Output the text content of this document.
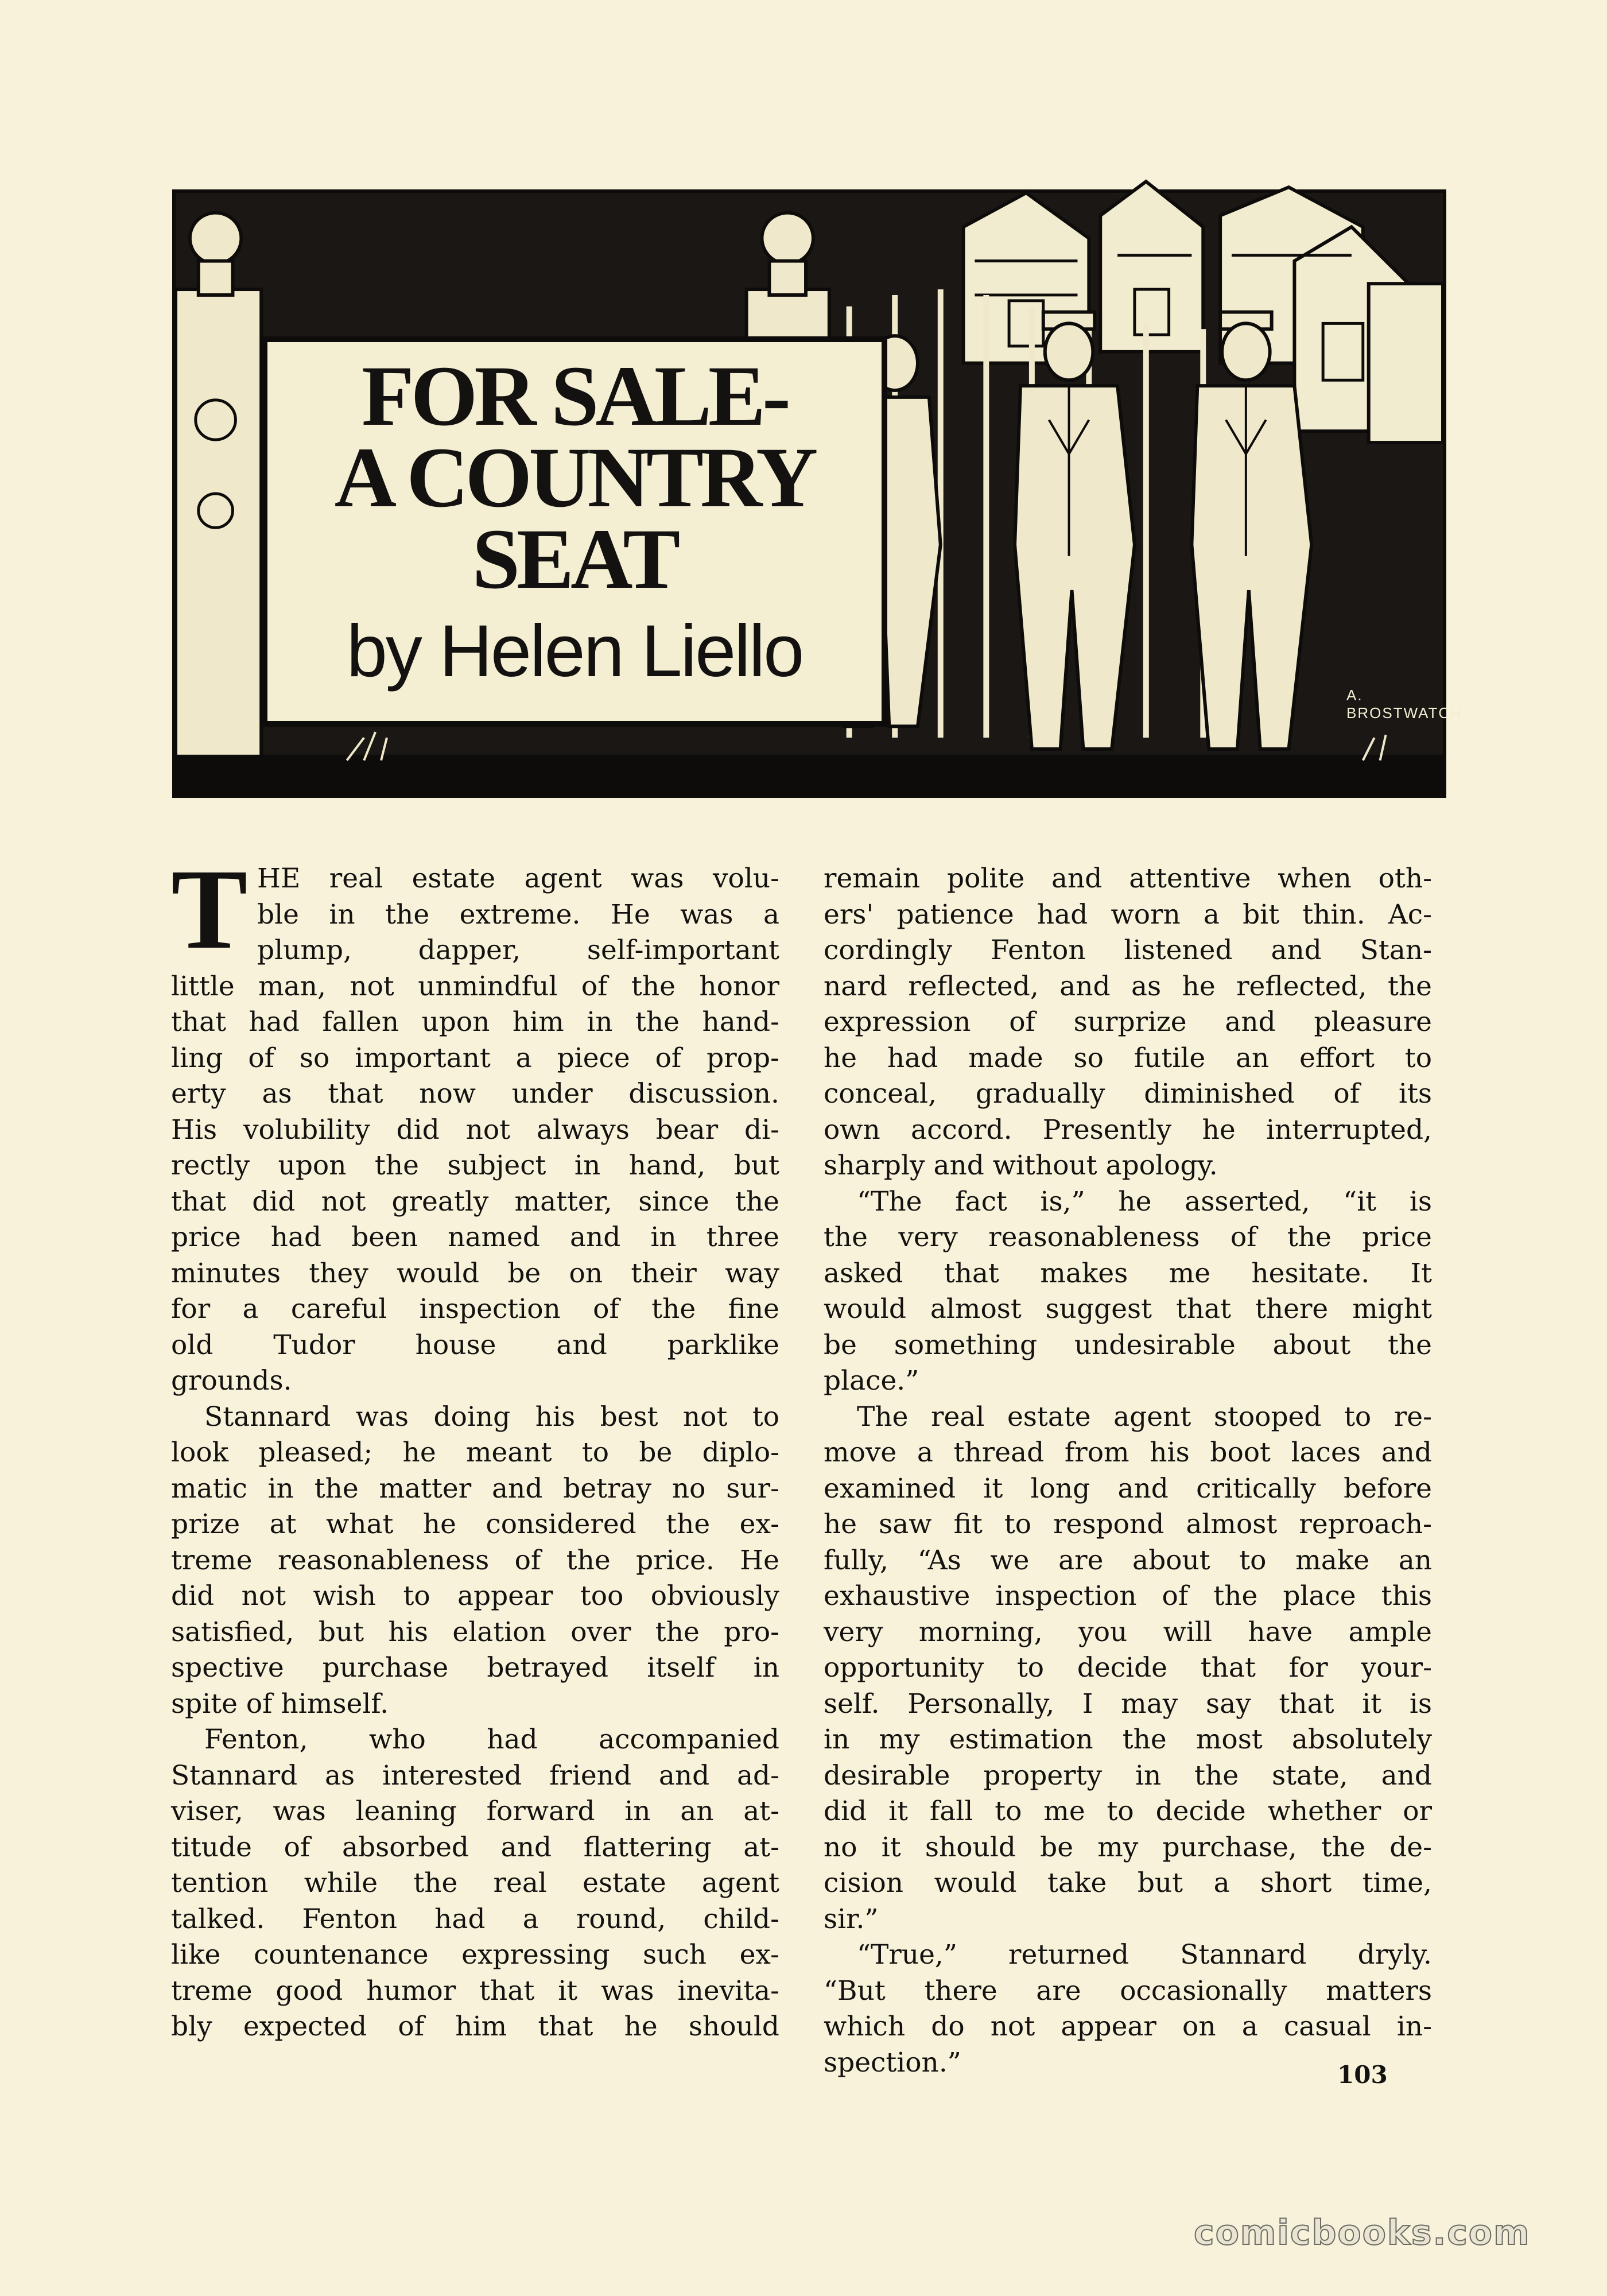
FOR SALE-
A COUNTRY
SEAT
by Helen Liello
A. BROSTWATCH
T HE real estate agent was volu-
ble in the extreme. He was a
plump, dapper, self-important
little man, not unmindful of the honor
that had fallen upon him in the hand-
ling of so important a piece of prop-
erty as that now under discussion.
His volubility did not always bear di-
rectly upon the subject in hand, but
that did not greatly matter, since the
price had been named and in three
minutes they would be on their way
for a careful inspection of the fine
old Tudor house and parklike
grounds.
Stannard was doing his best not to
look pleased; he meant to be diplo-
matic in the matter and betray no sur-
prize at what he considered the ex-
treme reasonableness of the price. He
did not wish to appear too obviously
satisfied, but his elation over the pro-
spective purchase betrayed itself in
spite of himself.
Fenton, who had accompanied
Stannard as interested friend and ad-
viser, was leaning forward in an at-
titude of absorbed and flattering at-
tention while the real estate agent
talked. Fenton had a round, child-
like countenance expressing such ex-
treme good humor that it was inevita-
bly expected of him that he should
remain polite and attentive when oth-
ers' patience had worn a bit thin. Ac-
cordingly Fenton listened and Stan-
nard reflected, and as he reflected, the
expression of surprize and pleasure
he had made so futile an effort to
conceal, gradually diminished of its
own accord. Presently he interrupted,
sharply and without apology.
“The fact is,” he asserted, “it is
the very reasonableness of the price
asked that makes me hesitate. It
would almost suggest that there might
be something undesirable about the
place.”
The real estate agent stooped to re-
move a thread from his boot laces and
examined it long and critically before
he saw fit to respond almost reproach-
fully, “As we are about to make an
exhaustive inspection of the place this
very morning, you will have ample
opportunity to decide that for your-
self. Personally, I may say that it is
in my estimation the most absolutely
desirable property in the state, and
did it fall to me to decide whether or
no it should be my purchase, the de-
cision would take but a short time,
sir.”
“True,” returned Stannard dryly.
“But there are occasionally matters
which do not appear on a casual in-
spection.”	103
comicbooks.com
